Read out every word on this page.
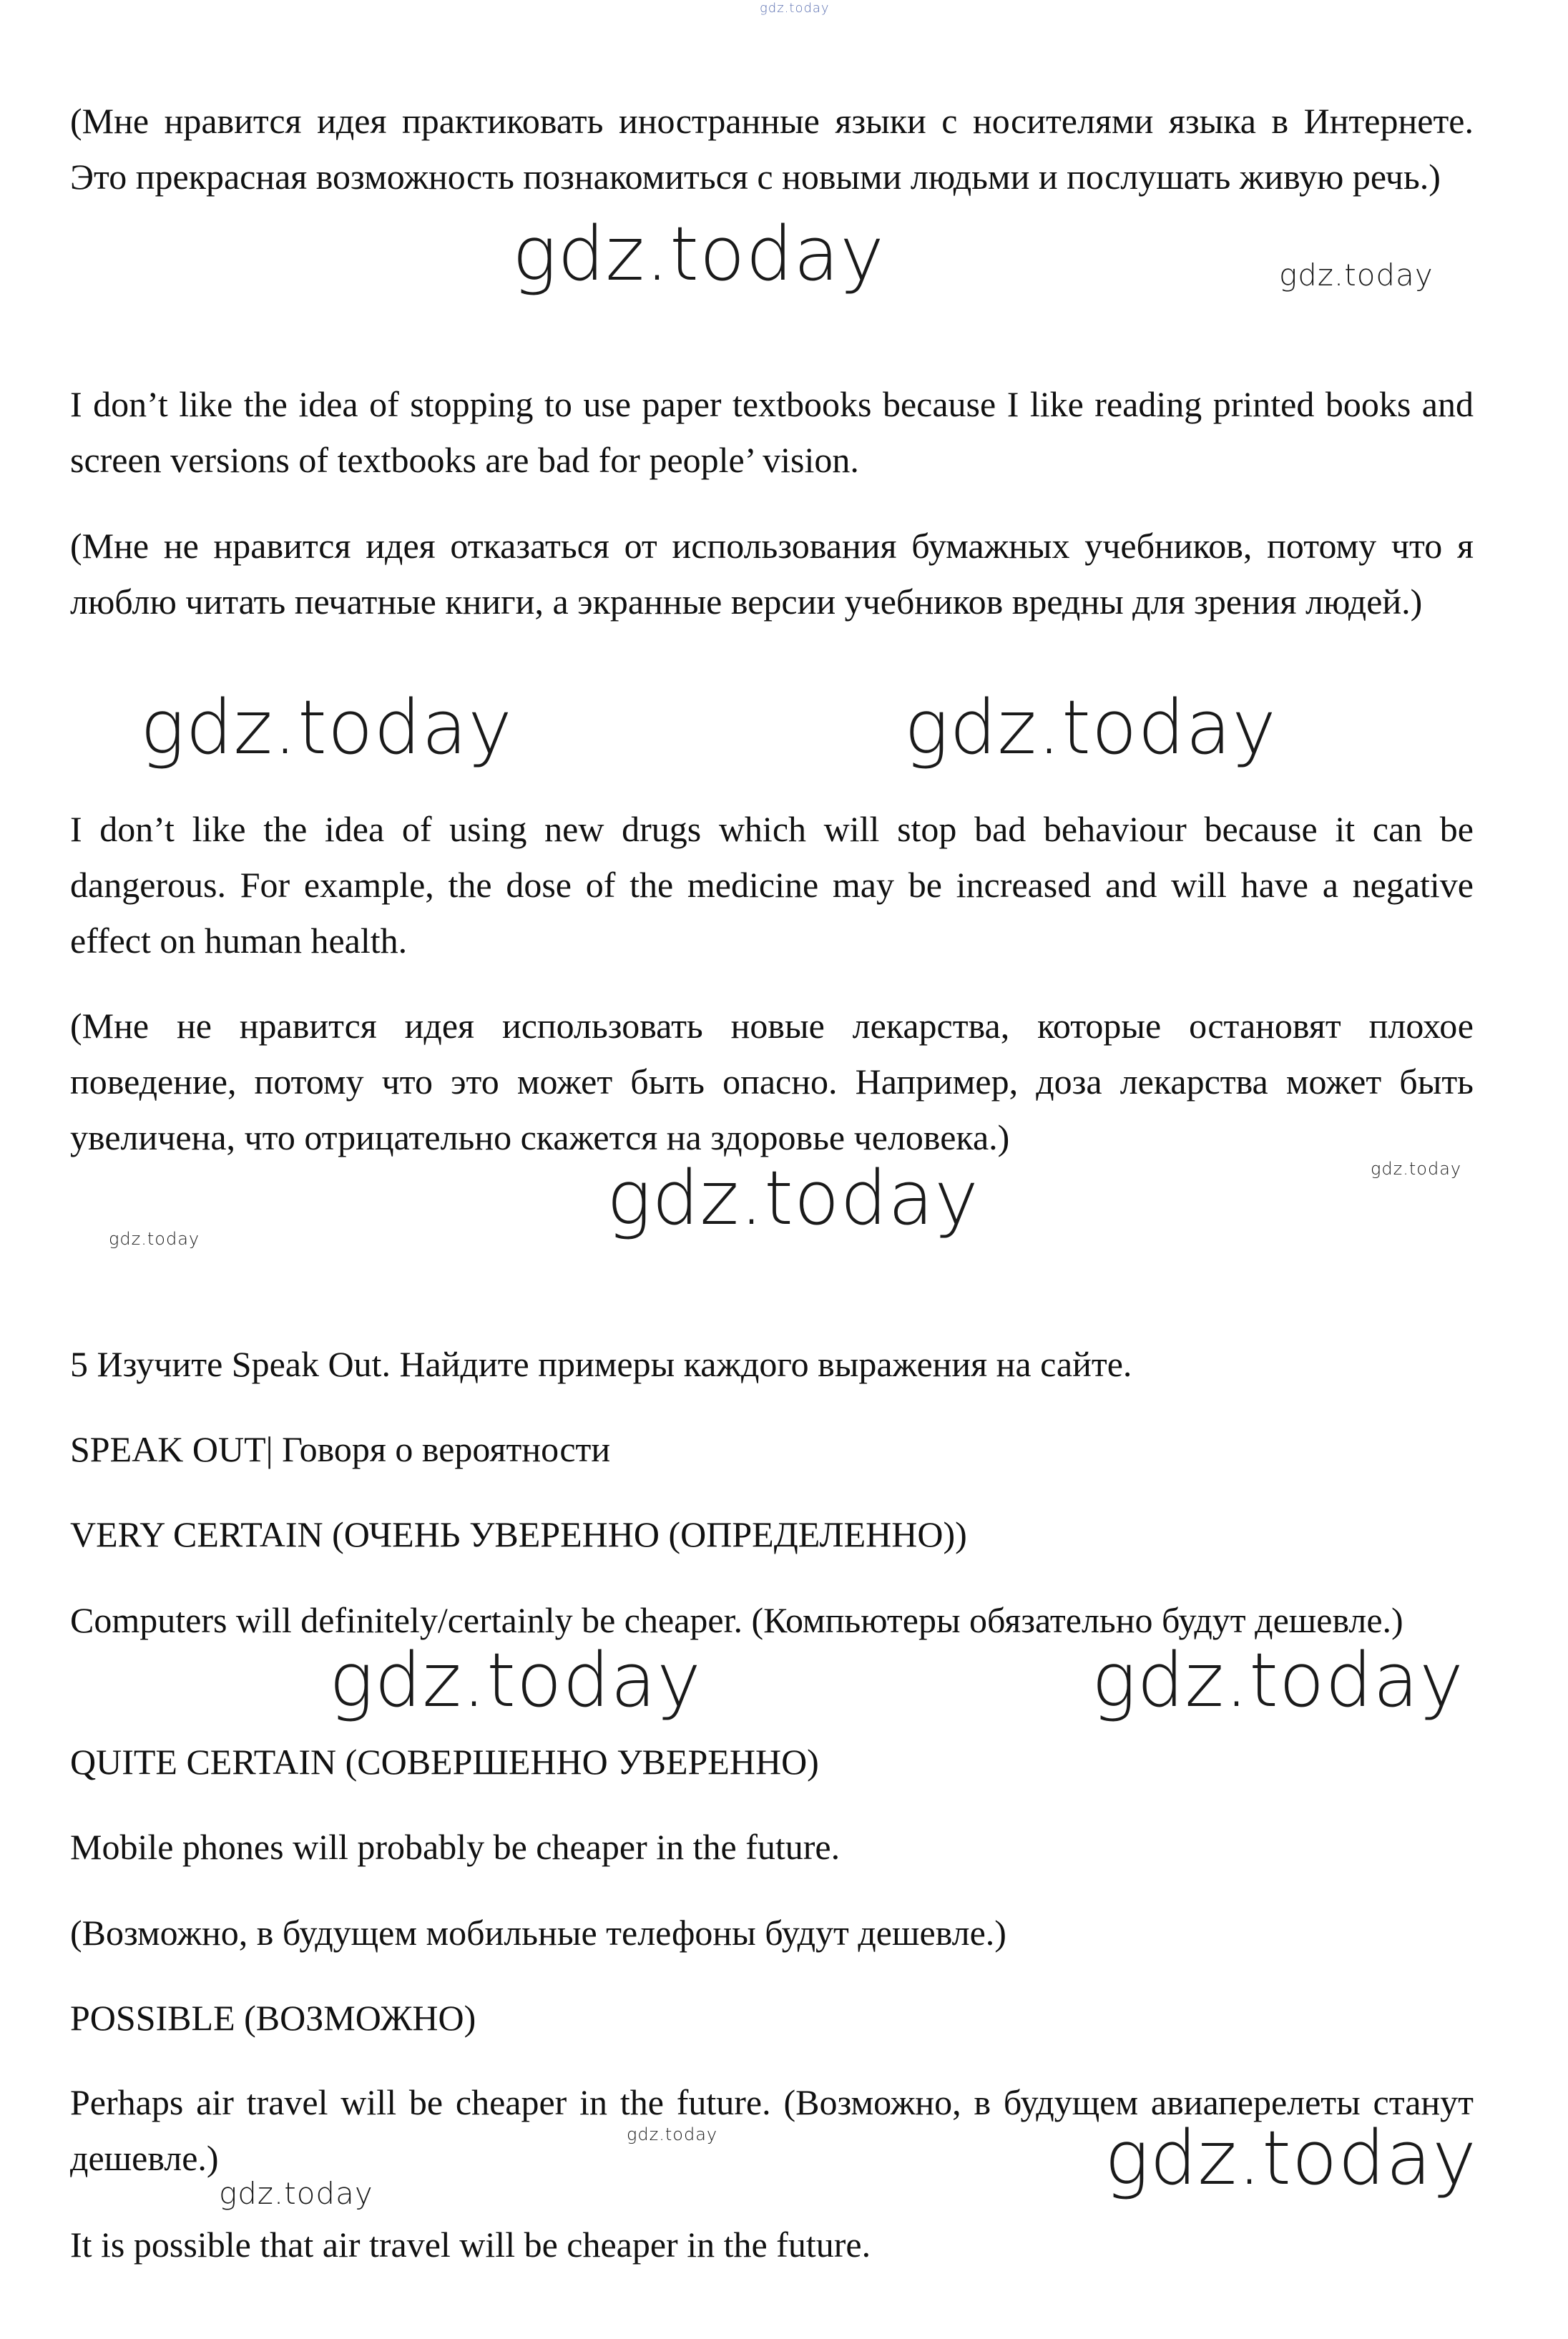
gdz.today

(Мне нравится идея практиковать иностранные языки с носителями языка в Интернете. Это прекрасная возможность познакомиться с новыми людьми и послушать живую речь.)

gdz.today	gdz.today

I don’t like the idea of stopping to use paper textbooks because I like reading printed books and screen versions of textbooks are bad for people’ vision.

(Мне не нравится идея отказаться от использования бумажных учебников, потому что я люблю читать печатные книги, а экранные версии учебников вредны для зрения людей.)

gdz.today	gdz.today

I don’t like the idea of using new drugs which will stop bad behaviour because it can be dangerous. For example, the dose of the medicine may be increased and will have a negative effect on human health.

(Мне не нравится идея использовать новые лекарства, которые остановят плохое поведение, потому что это может быть опасно. Например, доза лекарства может быть увеличена, что отрицательно скажется на здоровье человека.)

gdz.today
gdz.today
gdz.today

5 Изучите Speak Out. Найдите примеры каждого выражения на сайте.

SPEAK OUT| Говоря о вероятности

VERY CERTAIN (ОЧЕНЬ УВЕРЕННО (ОПРЕДЕЛЕННО))

Computers will definitely/certainly be cheaper. (Компьютеры обязательно будут дешевле.)

gdz.today	gdz.today

QUITE CERTAIN (СОВЕРШЕННО УВЕРЕННО)

Mobile phones will probably be cheaper in the future.

(Возможно, в будущем мобильные телефоны будут дешевле.)

POSSIBLE (ВОЗМОЖНО)

Perhaps air travel will be cheaper in the future. (Возможно, в будущем авиаперелеты станут дешевле.)

gdz.today	gdz.today
gdz.today

It is possible that air travel will be cheaper in the future.
